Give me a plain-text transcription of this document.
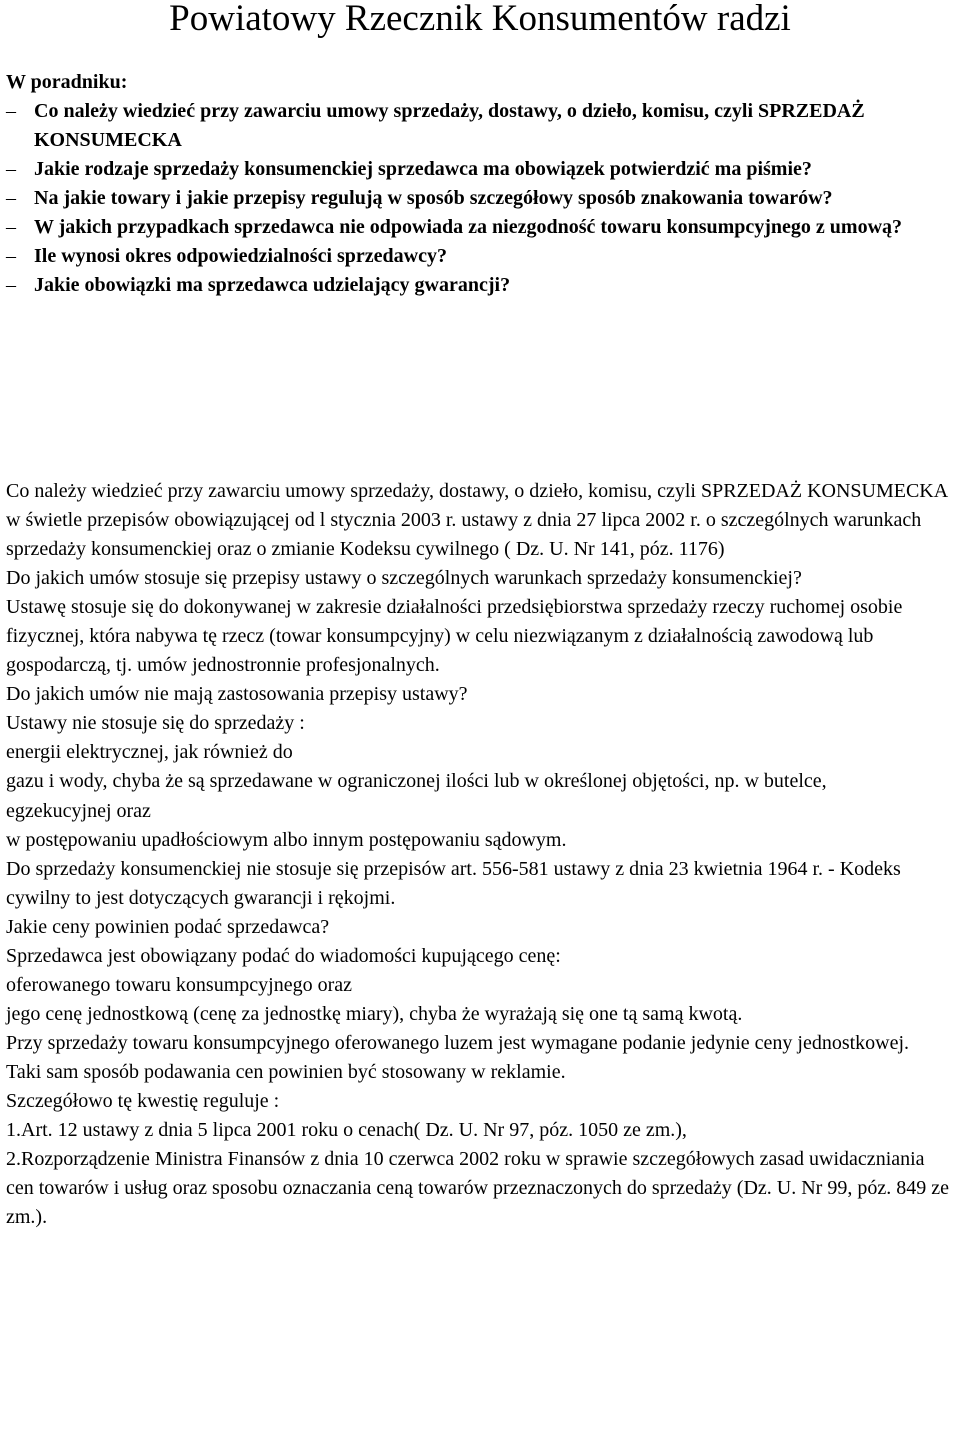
Powiatowy Rzecznik Konsumentów radzi

W poradniku:

– Co należy wiedzieć przy zawarciu umowy sprzedaży, dostawy, o dzieło, komisu, czyli SPRZEDAŻ KONSUMECKA
– Jakie rodzaje sprzedaży konsumenckiej sprzedawca ma obowiązek potwierdzić ma piśmie?
– Na jakie towary i jakie przepisy regulują w sposób szczegółowy sposób znakowania towarów?
– W jakich przypadkach sprzedawca nie odpowiada za niezgodność towaru konsumpcyjnego z umową?
– Ile wynosi okres odpowiedzialności sprzedawcy?
– Jakie obowiązki ma sprzedawca udzielający gwarancji?

Co należy wiedzieć przy zawarciu umowy sprzedaży, dostawy, o dzieło, komisu, czyli SPRZEDAŻ KONSUMECKA

w świetle przepisów obowiązującej od l stycznia 2003 r. ustawy z dnia 27 lipca 2002 r. o szczególnych warunkach sprzedaży konsumenckiej oraz o zmianie Kodeksu cywilnego ( Dz. U. Nr 141, póz. 1176)

Do jakich umów stosuje się przepisy ustawy o szczególnych warunkach sprzedaży konsumenckiej?

Ustawę stosuje się do dokonywanej w zakresie działalności przedsiębiorstwa sprzedaży rzeczy ruchomej osobie fizycznej, która nabywa tę rzecz (towar konsumpcyjny) w celu niezwiązanym z działalnością zawodową lub gospodarczą, tj. umów jednostronnie profesjonalnych.

Do jakich umów nie mają zastosowania przepisy ustawy?

Ustawy nie stosuje się do sprzedaży :

energii elektrycznej, jak również do

gazu i wody, chyba że są sprzedawane w ograniczonej ilości lub w określonej objętości, np. w butelce,

egzekucyjnej oraz

w postępowaniu upadłościowym albo innym postępowaniu sądowym.

Do sprzedaży konsumenckiej nie stosuje się przepisów art. 556-581 ustawy z dnia 23 kwietnia 1964 r. - Kodeks cywilny to jest dotyczących gwarancji i rękojmi.

Jakie ceny powinien podać sprzedawca?

Sprzedawca jest obowiązany podać do wiadomości kupującego cenę:

oferowanego towaru konsumpcyjnego oraz

jego cenę jednostkową (cenę za jednostkę miary), chyba że wyrażają się one tą samą kwotą.

Przy sprzedaży towaru konsumpcyjnego oferowanego luzem jest wymagane podanie jedynie ceny jednostkowej.

Taki sam sposób podawania cen powinien być stosowany w reklamie.

Szczegółowo tę kwestię reguluje :

1.Art. 12 ustawy z dnia 5 lipca 2001 roku o cenach( Dz. U. Nr 97, póz. 1050 ze zm.),

2.Rozporządzenie Ministra Finansów z dnia 10 czerwca 2002 roku w sprawie szczegółowych zasad uwidaczniania cen towarów i usług oraz sposobu oznaczania ceną towarów przeznaczonych do sprzedaży (Dz. U. Nr 99, póz. 849 ze zm.).
